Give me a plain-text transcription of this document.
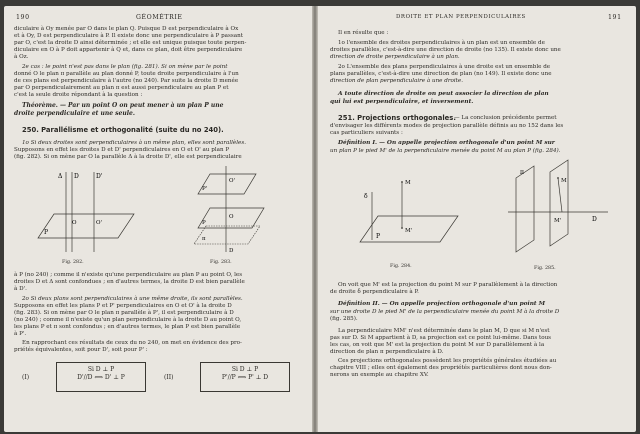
190	GÉOMÉTRIE
diculaire à Oy menée par O dans le plan Q. Puisque D est perpendiculaire à Ox
et à Oy, D est perpendiculaire à P. Il existe donc une perpendiculaire à P passant
par O, c'est la droite D ainsi déterminée ; et elle est unique puisque toute perpen-
diculaire en O à P doit appartenir à Q et, dans ce plan, doit être perpendiculaire
à Oz.
2e cas : le point n'est pas dans le plan (fig. 281). Si on mène par le point
donné O le plan π parallèle au plan donné P, toute droite perpendiculaire à l'un
de ces plans est perpendiculaire à l'autre (no 240). Par suite la droite D menée
par O perpendiculairement au plan π est aussi perpendiculaire au plan P et
c'est la seule droite répondant à la question :
Théorème. — Par un point O on peut mener à un plan P une
droite perpendiculaire et une seule.
250. Parallélisme et orthogonalité (suite du no 240).
1o Si deux droites sont perpendiculaires à un même plan, elles sont parallèles.
Supposons en effet les droites D et D' perpendiculaires en O et O' au plan P
(fig. 282). Si on mène par O la parallèle Δ à la droite D', elle est perpendiculaire
Δ D	D'
O	O'
P
Fig. 282.
P'
O'
P
O
π
D
Fig. 283.
à P (no 240) ; comme il n'existe qu'une perpendiculaire au plan P au point O, les
droites D et Δ sont confondues ; en d'autres termes, la droite D est bien parallèle
à D'.
2o Si deux plans sont perpendiculaires à une même droite, ils sont parallèles.
Supposons en effet les plans P et P' perpendiculaires en O et O' à la droite D
(fig. 283). Si on mène par O le plan π parallèle à P', il est perpendiculaire à D
(no 240) ; comme il n'existe qu'un plan perpendiculaire à la droite D au point O,
les plans P et π sont confondus ; en d'autres termes, le plan P est bien parallèle
à P'.
En rapprochant ces résultats de ceux du no 240, on met en évidence des pro-
priétés équivalentes, soit pour D', soit pour P' :
(I)
Si D ⊥ P
D'//D ⟺ D' ⊥ P	(II)
Si D ⊥ P
P'//P ⟺ P' ⊥ D
DROITE ET PLAN PERPENDICULAIRES	191
Il en résulte que :
1o l'ensemble des droites perpendiculaires à un plan est un ensemble de
droites parallèles, c'est-à-dire une direction de droite (no 135). Il existe donc une
direction de droite perpendiculaire à un plan.
2o L'ensemble des plans perpendiculaires à une droite est un ensemble de
plans parallèles, c'est-à-dire une direction de plan (no 149). Il existe donc une
direction de plan perpendiculaire à une droite.
A toute direction de droite on peut associer la direction de plan
qui lui est perpendiculaire, et inversement.
251. Projections orthogonales.
— La conclusion précédente permet
d'envisager les différents modes de projection parallèle définis au no 152 dans les
cas particuliers suivants :
Définition I. — On appelle projection orthogonale d'un point M sur
un plan P le pied M' de la perpendiculaire menée du point M au plan P (fig. 284).
δ
M
M'
P
Fig. 284.
π
M
M'	D
Fig. 285.
On voit que M' est la projection du point M sur P parallèlement à la direction
de droite δ perpendiculaire à P.
Définition II. — On appelle projection orthogonale d'un point M
sur une droite D le pied M' de la perpendiculaire menée du point M à la droite D
(fig. 285).
La perpendiculaire MM' n'est déterminée dans le plan M, D que si M n'est
pas sur D. Si M appartient à D, sa projection est ce point lui-même. Dans tous
les cas, on voit que M' est la projection du point M sur D parallèlement à la
direction de plan π perpendiculaire à D.
Ces projections orthogonales possèdent les propriétés générales étudiées au
chapitre VIII ; elles ont également des propriétés particulières dont nous don-
nerons un exemple au chapitre XV.
